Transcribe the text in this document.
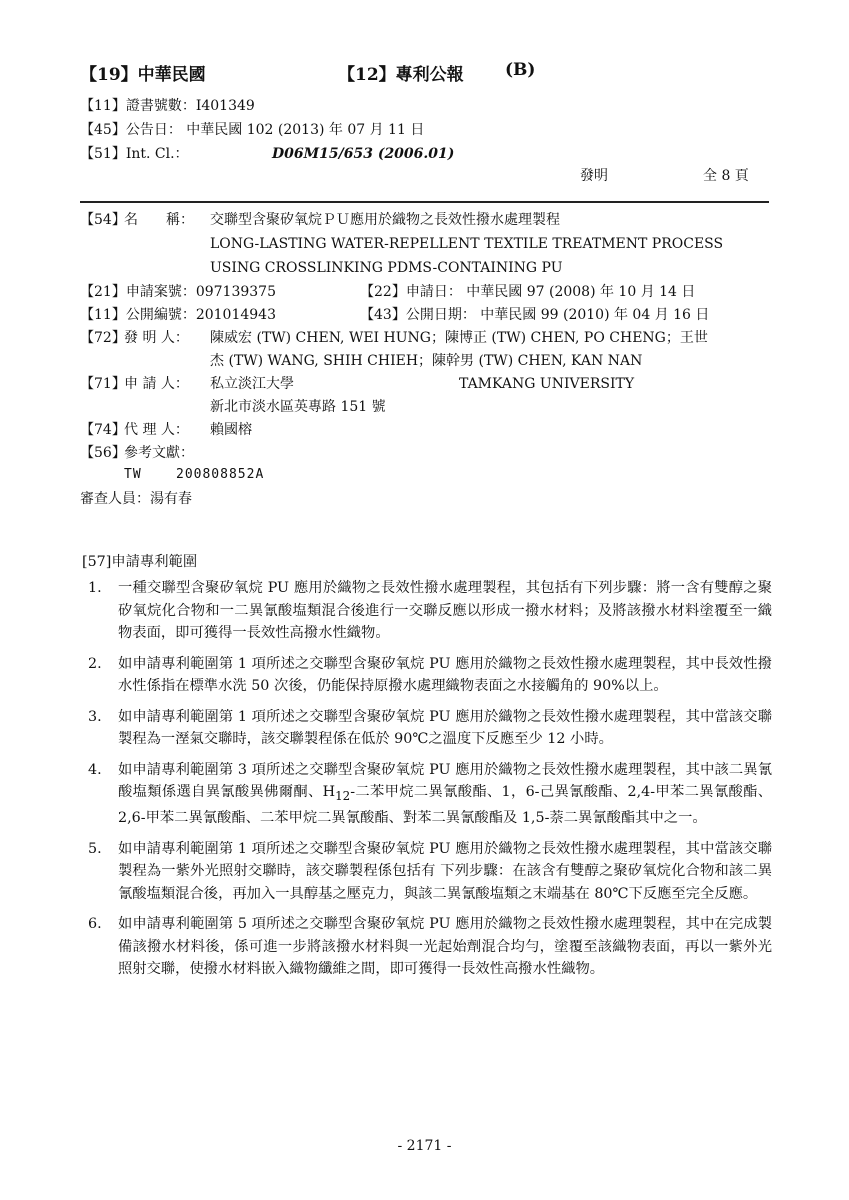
【19】中華民國	【12】專利公報 (B)
【11】證書號數：I401349
【45】公告日： 中華民國 102 (2013) 年 07 月 11 日
【51】Int. Cl.：	D06M15/653 (2006.01)
發明	全 8 頁
【54】
名　　稱： 交聯型含聚矽氧烷ＰＵ應用於織物之長效性撥水處理製程
LONG-LASTING WATER-REPELLENT TEXTILE TREATMENT PROCESS
USING CROSSLINKING PDMS-CONTAINING PU
【21】申請案號：097139375	【22】申請日： 中華民國 97 (2008) 年 10 月 14 日
【11】公開編號：201014943	【43】公開日期： 中華民國 99 (2010) 年 04 月 16 日
【72】
發 明 人： 陳威宏 (TW) CHEN, WEI HUNG；陳博正 (TW) CHEN, PO CHENG；王世
杰 (TW) WANG, SHIH CHIEH；陳幹男 (TW) CHEN, KAN NAN
【71】
申 請 人： 私立淡江大學	TAMKANG UNIVERSITY
新北市淡水區英專路 151 號
【74】
代 理 人： 賴國榕
【56】
參考文獻：
TW	200808852A
審查人員：湯有春
[57]申請專利範圍
1.	一種交聯型含聚矽氧烷 PU 應用於織物之長效性撥水處理製程，其包括有下列步驟：將一含有雙醇之聚矽氧烷化合物和一二異氰酸塩類混合後進行一交聯反應以形成一撥水材料；及將該撥水材料塗覆至一織物表面，即可獲得一長效性高撥水性織物。
2.	如申請專利範圍第 1 項所述之交聯型含聚矽氧烷 PU 應用於織物之長效性撥水處理製程，其中長效性撥水性係指在標準水洗 50 次後，仍能保持原撥水處理織物表面之水接觸角的 90%以上。
3.	如申請專利範圍第 1 項所述之交聯型含聚矽氧烷 PU 應用於織物之長效性撥水處理製程，其中當該交聯製程為一溼氣交聯時，該交聯製程係在低於 90℃之溫度下反應至少 12 小時。
4.	如申請專利範圍第 3 項所述之交聯型含聚矽氧烷 PU 應用於織物之長效性撥水處理製程，其中該二異氰酸塩類係選自異氰酸異佛爾酮、$H_{12}-$二苯甲烷二異氰酸酯、1，6-己異氰酸酯、2,4-甲苯二異氰酸酯、2,6-甲苯二異氰酸酯、二苯甲烷二異氰酸酯、對苯二異氰酸酯及 1,5-萘二異氰酸酯其中之一。
5.	如申請專利範圍第 1 項所述之交聯型含聚矽氧烷 PU 應用於織物之長效性撥水處理製程，其中當該交聯製程為一紫外光照射交聯時，該交聯製程係包括有 下列步驟：在該含有雙醇之聚矽氧烷化合物和該二異氰酸塩類混合後，再加入一具醇基之壓克力，與該二異氰酸塩類之末端基在 80℃下反應至完全反應。
6.	如申請專利範圍第 5 項所述之交聯型含聚矽氧烷 PU 應用於織物之長效性撥水處理製程，其中在完成製備該撥水材料後，係可進一步將該撥水材料與一光起始劑混合均勻，塗覆至該織物表面，再以一紫外光照射交聯，使撥水材料嵌入織物纖維之間，即可獲得一長效性高撥水性織物。
- 2171 -
